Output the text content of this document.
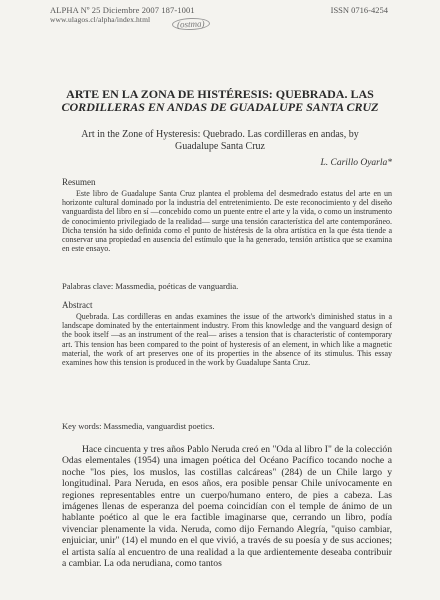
ALPHA Nº 25 Diciembre 2007 187-1001
www.ulagos.cl/alpha/index.html	(ostma)
ISSN 0716-4254
ARTE EN LA ZONA DE HISTÉRESIS: QUEBRADA. LAS
CORDILLERAS EN ANDAS DE GUADALUPE SANTA CRUZ
Art in the Zone of Hysteresis: Quebrado. Las cordilleras en andas, by
Guadalupe Santa Cruz
L. Carillo Oyarla*
Resumen
Este libro de Guadalupe Santa Cruz plantea el problema del desmedrado estatus del arte en un horizonte cultural dominado por la industria del entretenimiento. De este reconocimiento y del diseño vanguardista del libro en sí —concebido como un puente entre el arte y la vida, o como un instrumento de conocimiento privilegiado de la realidad— surge una tensión característica del arte contemporáneo. Dicha tensión ha sido definida como el punto de histéresis de la obra artística en la que ésta tiende a conservar una propiedad en ausencia del estímulo que la ha generado, tensión artística que se examina en este ensayo.
Palabras clave: Massmedia, poéticas de vanguardia.
Abstract
Quebrada. Las cordilleras en andas examines the issue of the artwork's diminished status in a landscape dominated by the entertainment industry. From this knowledge and the vanguard design of the book itself —as an instrument of the real— arises a tension that is characteristic of contemporary art. This tension has been compared to the point of hysteresis of an element, in which like a magnetic material, the work of art preserves one of its properties in the absence of its stimulus. This essay examines how this tension is produced in the work by Guadalupe Santa Cruz.
Key words: Massmedia, vanguardist poetics.
Hace cincuenta y tres años Pablo Neruda creó en "Oda al libro I" de la colección Odas elementales (1954) una imagen poética del Océano Pacífico tocando noche a noche "los pies, los muslos, las costillas calcáreas" (284) de un Chile largo y longitudinal. Para Neruda, en esos años, era posible pensar Chile unívocamente en regiones representables entre un cuerpo/humano entero, de pies a cabeza. Las imágenes llenas de esperanza del poema coincidían con el temple de ánimo de un hablante poético al que le era factible imaginarse que, cerrando un libro, podía vivenciar plenamente la vida. Neruda, como dijo Fernando Alegría, "quiso cambiar, enjuiciar, unir" (14) el mundo en el que vivió, a través de su poesía y de sus acciones; el artista salía al encuentro de una realidad a la que ardientemente deseaba contribuir a cambiar. La oda nerudiana, como tantos
